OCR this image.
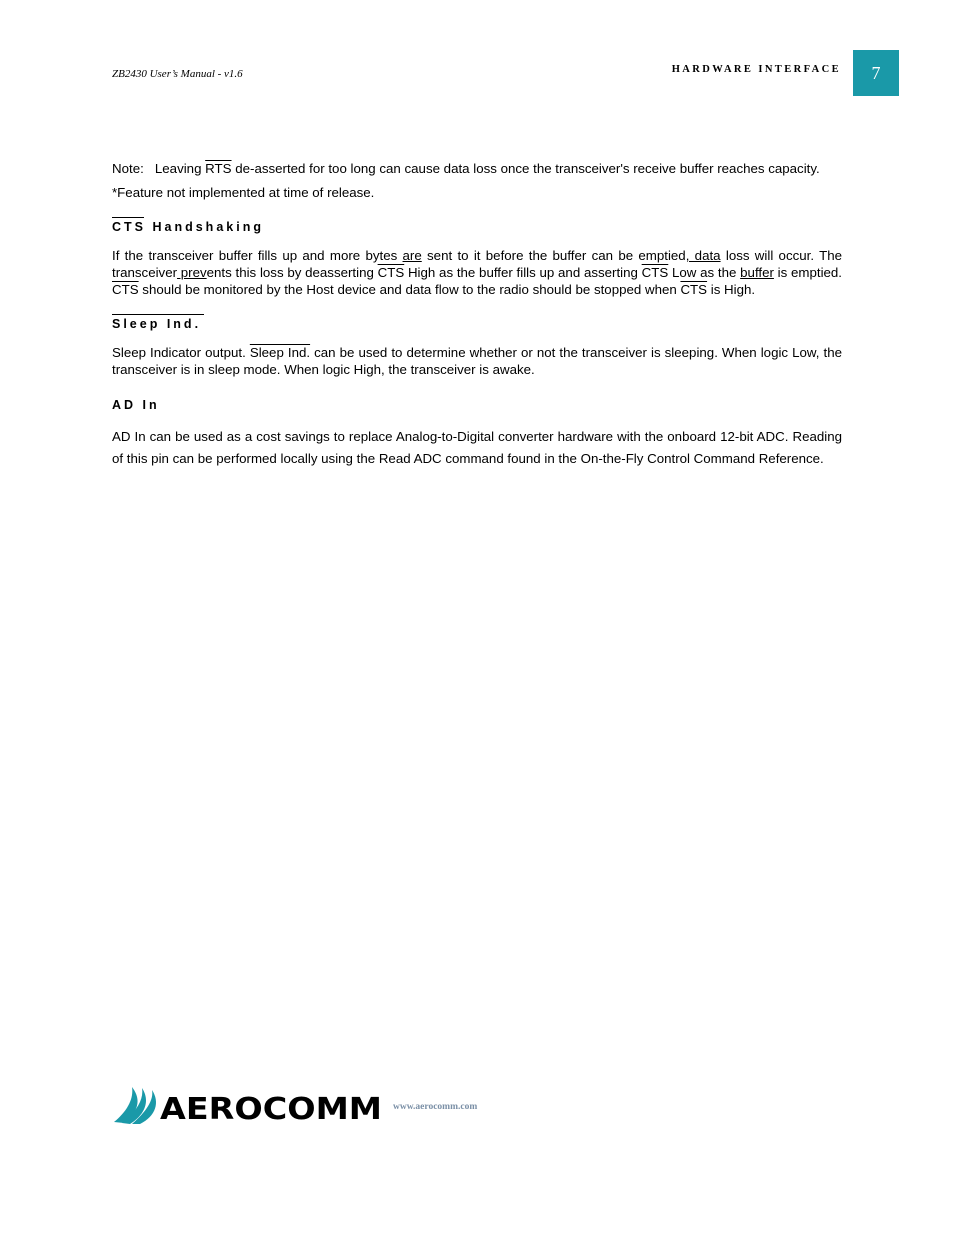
ZB2430 User’s Manual - v1.6	HARDWARE INTERFACE	7

Note: Leaving $\overline{RTS}$ de-asserted for too long can cause data loss once the transceiver's receive buffer reaches capacity.

*Feature not implemented at time of release.

CTS Handshaking

If the transceiver buffer fills up and more bytes are sent to it before the buffer can be emptied, data loss will occur. The transceiver prevents this loss by deasserting $\overline{CTS}$ High as the buffer fills up and asserting $\overline{CTS}$ Low as the buffer is emptied. $\overline{CTS}$ should be monitored by the Host device and data flow to the radio should be stopped when $\overline{CTS}$ is High.

Sleep Ind.

Sleep Indicator output. Sleep Ind. can be used to determine whether or not the transceiver is sleeping. When logic Low, the transceiver is in sleep mode. When logic High, the transceiver is awake.

AD In

AD In can be used as a cost savings to replace Analog-to-Digital converter hardware with the onboard 12-bit ADC. Reading of this pin can be performed locally using the Read ADC command found in the On-the-Fly Control Command Reference.

AEROCOMM www.aerocomm.com
